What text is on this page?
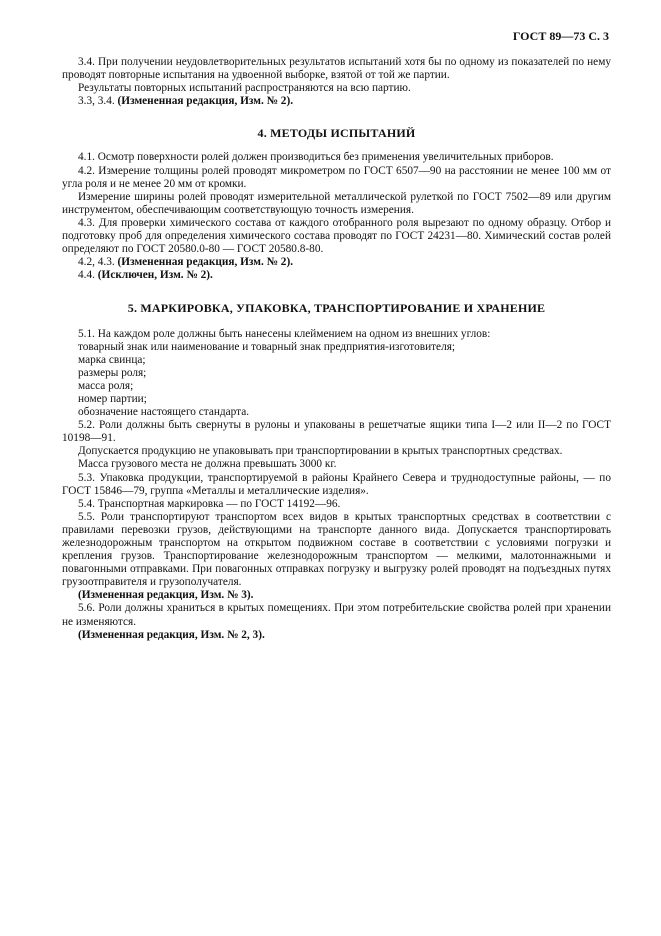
ГОСТ 89—73 С. 3

3.4. При получении неудовлетворительных результатов испытаний хотя бы по одному из показателей по нему проводят повторные испытания на удвоенной выборке, взятой от той же партии.

Результаты повторных испытаний распространяются на всю партию.

3.3, 3.4. (Измененная редакция, Изм. № 2).

4. МЕТОДЫ ИСПЫТАНИЙ

4.1. Осмотр поверхности ролей должен производиться без применения увеличительных приборов.

4.2. Измерение толщины ролей проводят микрометром по ГОСТ 6507—90 на расстоянии не менее 100 мм от угла роля и не менее 20 мм от кромки.

Измерение ширины ролей проводят измерительной металлической рулеткой по ГОСТ 7502—89 или другим инструментом, обеспечивающим соответствующую точность измерения.

4.3. Для проверки химического состава от каждого отобранного роля вырезают по одному образцу. Отбор и подготовку проб для определения химического состава проводят по ГОСТ 24231—80. Химический состав ролей определяют по ГОСТ 20580.0-80 — ГОСТ 20580.8-80.

4.2, 4.3. (Измененная редакция, Изм. № 2).

4.4. (Исключен, Изм. № 2).

5. МАРКИРОВКА, УПАКОВКА, ТРАНСПОРТИРОВАНИЕ И ХРАНЕНИЕ

5.1. На каждом роле должны быть нанесены клеймением на одном из внешних углов:

товарный знак или наименование и товарный знак предприятия-изготовителя;

марка свинца;

размеры роля;

масса роля;

номер партии;

обозначение настоящего стандарта.

5.2. Роли должны быть свернуты в рулоны и упакованы в решетчатые ящики типа I—2 или II—2 по ГОСТ 10198—91.

Допускается продукцию не упаковывать при транспортировании в крытых транспортных средствах.

Масса грузового места не должна превышать 3000 кг.

5.3. Упаковка продукции, транспортируемой в районы Крайнего Севера и труднодоступные районы, — по ГОСТ 15846—79, группа «Металлы и металлические изделия».

5.4. Транспортная маркировка — по ГОСТ 14192—96.

5.5. Роли транспортируют транспортом всех видов в крытых транспортных средствах в соответствии с правилами перевозки грузов, действующими на транспорте данного вида. Допускается транспортировать железнодорожным транспортом на открытом подвижном составе в соответствии с условиями погрузки и крепления грузов. Транспортирование железнодорожным транспортом — мелкими, малотоннажными и повагонными отправками. При повагонных отправках погрузку и выгрузку ролей проводят на подъездных путях грузоотправителя и грузополучателя.

(Измененная редакция, Изм. № 3).

5.6. Роли должны храниться в крытых помещениях. При этом потребительские свойства ролей при хранении не изменяются.

(Измененная редакция, Изм. № 2, 3).
